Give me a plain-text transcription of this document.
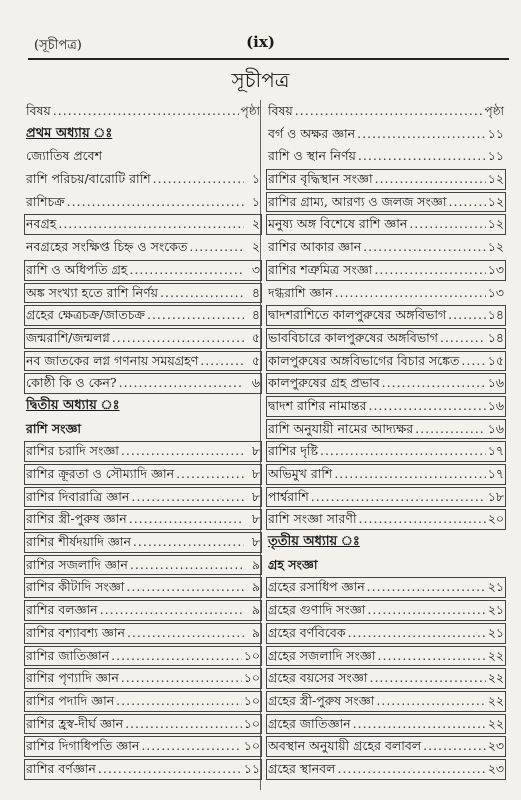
(সূচীপত্র)	(ix)
সূচীপত্র
বিষয় .....	পৃষ্ঠা
প্রথম অধ্যায় ঃ
জ্যোতিষ প্রবেশ
রাশি পরিচয়/বারোটি রাশি .....	১
রাশিচক্র .....	১
নবগ্রহ .....	২
নবগ্রহের সংক্ষিপ্ত চিহ্ন ও সংকেত .....	২
রাশি ও অধিপতি গ্রহ .....	৩
অঙ্ক সংখ্যা হতে রাশি নির্ণয় .....	৪
গ্রহের ক্ষেত্রচক্র/জাতচক্র .....	৪
জন্মরাশি/জন্মলগ্ন .....	৫
নব জাতকের লগ্ন গণনায় সময়গ্রহণ .....	৫
কোষ্ঠী কি ও কেন? .....	৬
দ্বিতীয় অধ্যায় ঃ
রাশি সংজ্ঞা
রাশির চরাদি সংজ্ঞা .....	৮
রাশির ক্রূরতা ও সৌম্যাদি জ্ঞান .....	৮
রাশির দিবারাত্রি জ্ঞান .....	৮
রাশির স্ত্রী-পুরুষ জ্ঞান .....	৮
রাশির শীর্ষদয়াদি জ্ঞান .....	৮
রাশির সজলাদি জ্ঞান .....	৯
রাশির কীটাদি সংজ্ঞা .....	৯
রাশির বলজ্ঞান .....	৯
রাশির বশ্যাবশ্য জ্ঞান .....	৯
রাশির জাতিজ্ঞান .....	১০
রাশির পৃণ্যাদি জ্ঞান .....	১০
রাশির পদাদি জ্ঞান .....	১০
রাশির হ্রস্ব-দীর্ঘ জ্ঞান .....	১০
রাশির দিগাধিপতি জ্ঞান .....	১০
রাশির বর্ণজ্ঞান .....	১১
বিষয় .....	পৃষ্ঠা
বর্গ ও অক্ষর জ্ঞান .....	১১
রাশি ও স্থান নির্ণয় .....	১১
রাশির বৃদ্ধিস্থান সংজ্ঞা .....	১২
রাশির গ্রাম্য, আরণ্য ও জলজ সংজ্ঞা .....	১২
মনুষ্য অঙ্গ বিশেষে রাশি জ্ঞান .....	১২
রাশির আকার জ্ঞান .....	১২
রাশির শত্রুমিত্র সংজ্ঞা .....	১৩
দগ্ধরাশি জ্ঞান .....	১৩
দ্বাদশরাশিতে কালপুরুষের অঙ্গবিভাগ .....	১৪
ভাববিচারে কালপুরুষের অঙ্গবিভাগ .....	১৪
কালপুরুষের অঙ্গবিভাগের বিচার সঙ্কেত ..... ১৫
কালপুরুষের গ্রহ প্রভাব .....	১৬
দ্বাদশ রাশির নামান্তর .....	১৬
রাশি অনুযায়ী নামের আদ্যক্ষর .....	১৬
রাশির দৃষ্টি .....	১৭
অভিমুখ রাশি .....	১৭
পার্শ্বরাশি .....	১৮
রাশি সংজ্ঞা সারণী .....	২০
তৃতীয় অধ্যায় ঃ
গ্রহ সংজ্ঞা
গ্রহের রসাধিপ জ্ঞান .....	২১
গ্রহের গুণাদি সংজ্ঞা .....	২১
গ্রহের বর্ণবিবেক .....	২১
গ্রহের সজলাদি সংজ্ঞা .....	২২
গ্রহের বয়সের সংজ্ঞা .....	২২
গ্রহের স্ত্রী-পুরুষ সংজ্ঞা .....	২২
গ্রহের জাতিজ্ঞান .....	২২
অবস্থান অনুযায়ী গ্রহের বলাবল .....	২৩
গ্রহের স্থানবল .....	২৩
